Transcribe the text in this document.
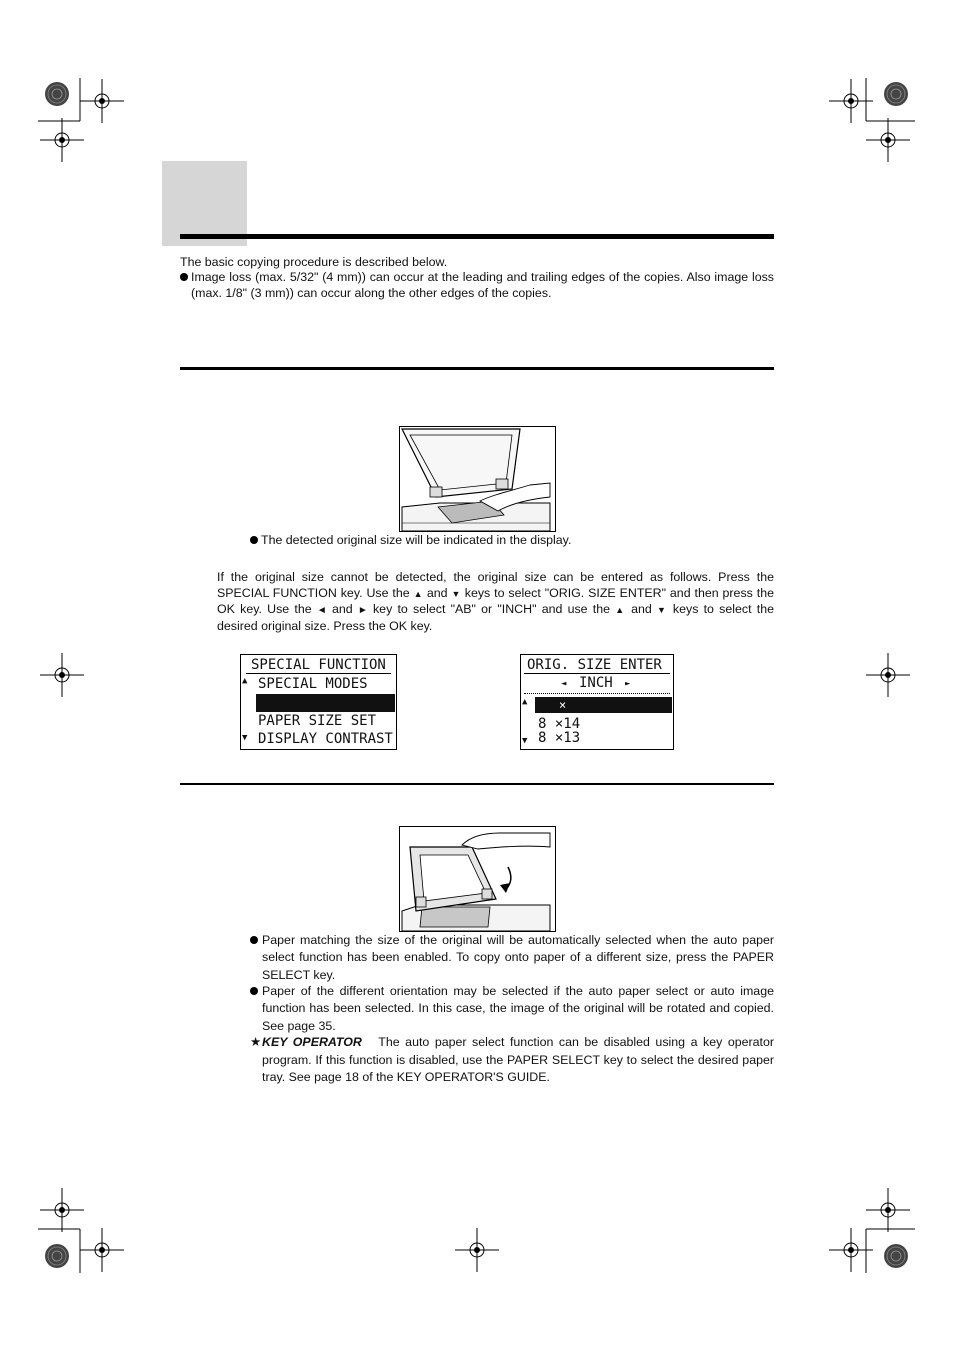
The basic copying procedure is described below.
Image loss (max. 5/32" (4 mm)) can occur at the leading and trailing edges of the copies. Also image loss (max. 1/8" (3 mm)) can occur along the other edges of the copies.
The detected original size will be indicated in the display.
If the original size cannot be detected, the original size can be entered as follows. Press the SPECIAL FUNCTION key. Use the ▲ and ▼ keys to select "ORIG. SIZE ENTER" and then press the OK key. Use the ◄ and ► key to select "AB" or "INCH" and use the ▲ and ▼ keys to select the desired original size. Press the OK key.
SPECIAL FUNCTION
▲ SPECIAL MODES
PAPER SIZE SET
▼ DISPLAY CONTRAST
ORIG. SIZE ENTER
◄ INCH	►
▲	×
8 ×14
8 ×13
▼
Paper matching the size of the original will be automatically selected when the auto paper select function has been enabled. To copy onto paper of a different size, press the PAPER SELECT key.
Paper of the different orientation may be selected if the auto paper select or auto image function has been selected. In this case, the image of the original will be rotated and copied. See page 35.
★ KEY OPERATOR The auto paper select function can be disabled using a key operator program. If this function is disabled, use the PAPER SELECT key to select the desired paper tray. See page 18 of the KEY OPERATOR'S GUIDE.
